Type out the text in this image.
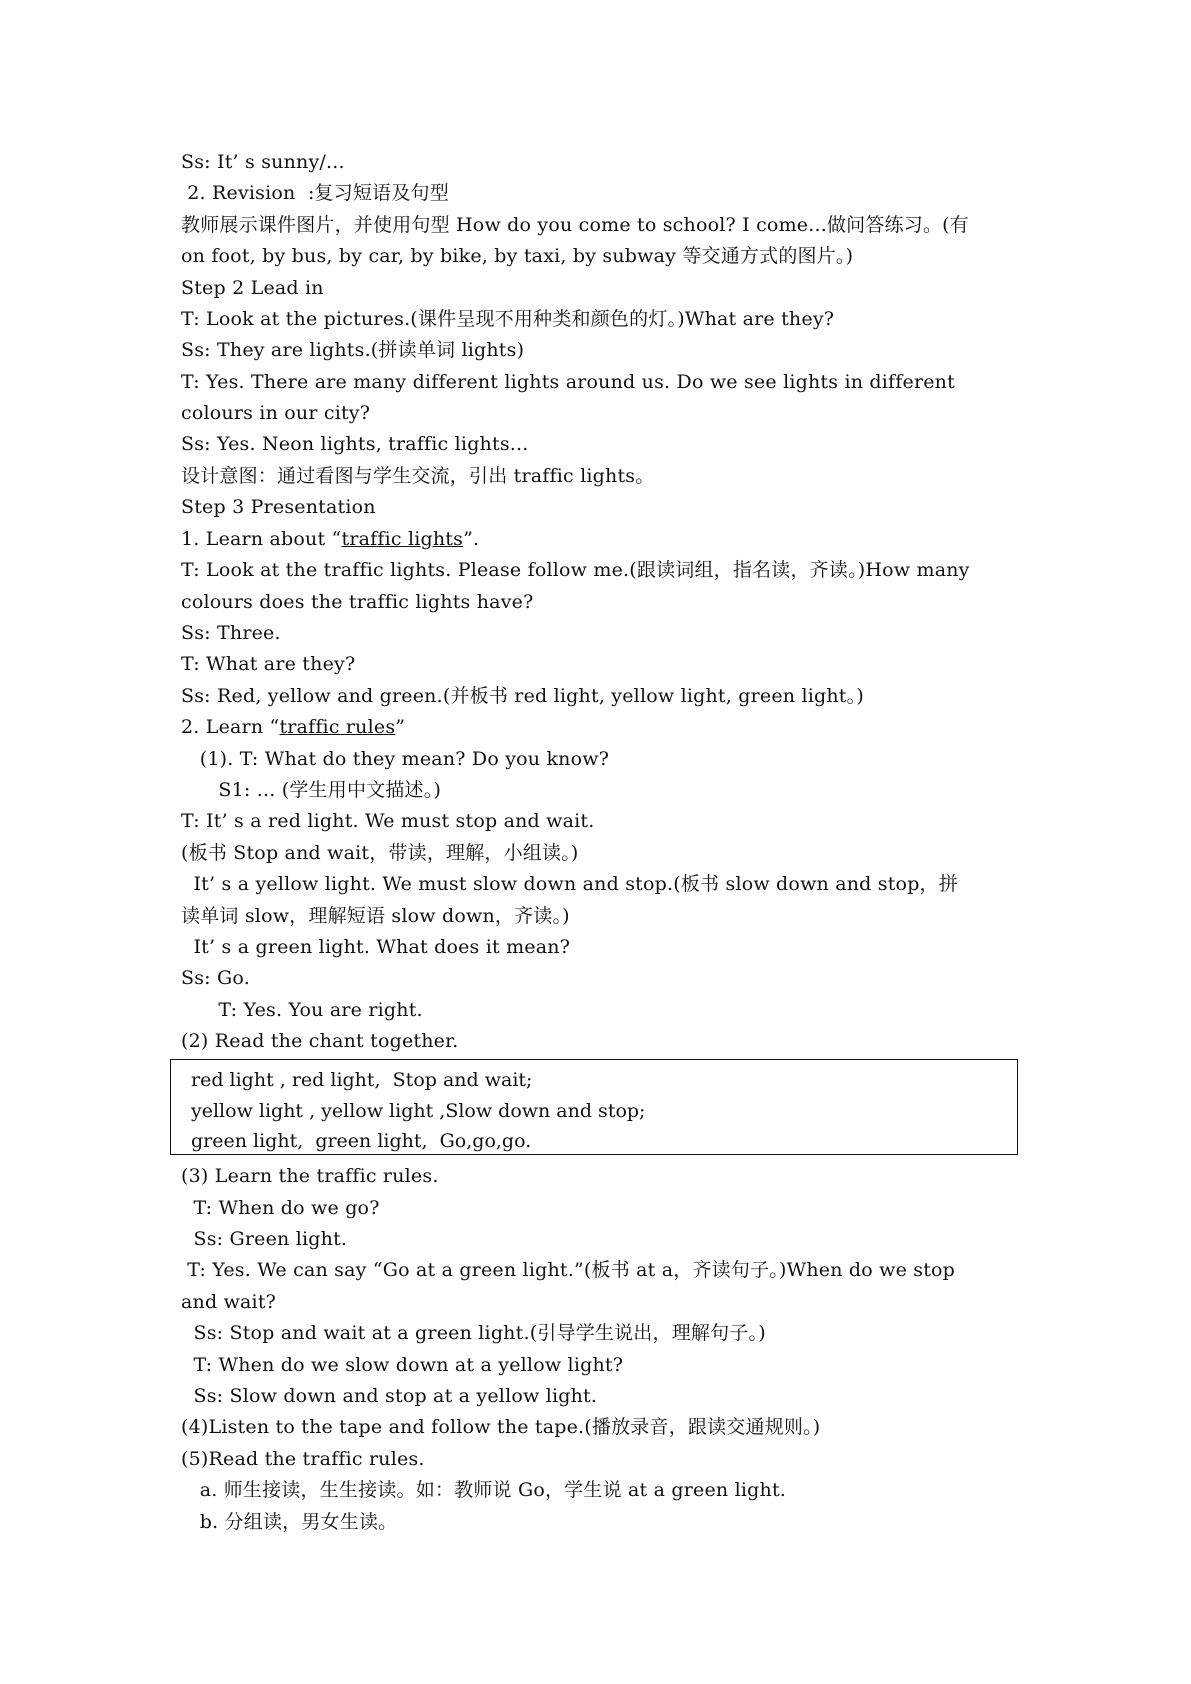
Ss: It’ s sunny/...
2. Revision  :复习短语及句型
教师展示课件图片，并使用句型 How do you come to school? I come...做问答练习。(有
on foot, by bus, by car, by bike, by taxi, by subway 等交通方式的图片。)
Step 2 Lead in
T: Look at the pictures.(课件呈现不用种类和颜色的灯。)What are they?
Ss: They are lights.(拼读单词 lights)
T: Yes. There are many different lights around us. Do we see lights in different
colours in our city?
Ss: Yes. Neon lights, traffic lights...
设计意图：通过看图与学生交流，引出 traffic lights。
Step 3 Presentation
1. Learn about “traffic lights”.
T: Look at the traffic lights. Please follow me.(跟读词组，指名读，齐读。)How many
colours does the traffic lights have?
Ss: Three.
T: What are they?
Ss: Red, yellow and green.(并板书 red light, yellow light, green light。)
2. Learn “traffic rules”
(1). T: What do they mean? Do you know?
S1: ... (学生用中文描述。)
T: It’ s a red light. We must stop and wait.
(板书 Stop and wait，带读，理解，小组读。)
It’ s a yellow light. We must slow down and stop.(板书 slow down and stop，拼
读单词 slow，理解短语 slow down，齐读。)
It’ s a green light. What does it mean?
Ss: Go.
T: Yes. You are right.
(2) Read the chant together.
red light , red light,  Stop and wait;
yellow light , yellow light ,Slow down and stop;
green light,  green light,  Go,go,go.
(3) Learn the traffic rules.
T: When do we go?
Ss: Green light.
T: Yes. We can say “Go at a green light.”(板书 at a，齐读句子。)When do we stop
and wait?
Ss: Stop and wait at a green light.(引导学生说出，理解句子。)
T: When do we slow down at a yellow light?
Ss: Slow down and stop at a yellow light.
(4)Listen to the tape and follow the tape.(播放录音，跟读交通规则。)
(5)Read the traffic rules.
a. 师生接读，生生接读。如：教师说 Go，学生说 at a green light.
b. 分组读，男女生读。
